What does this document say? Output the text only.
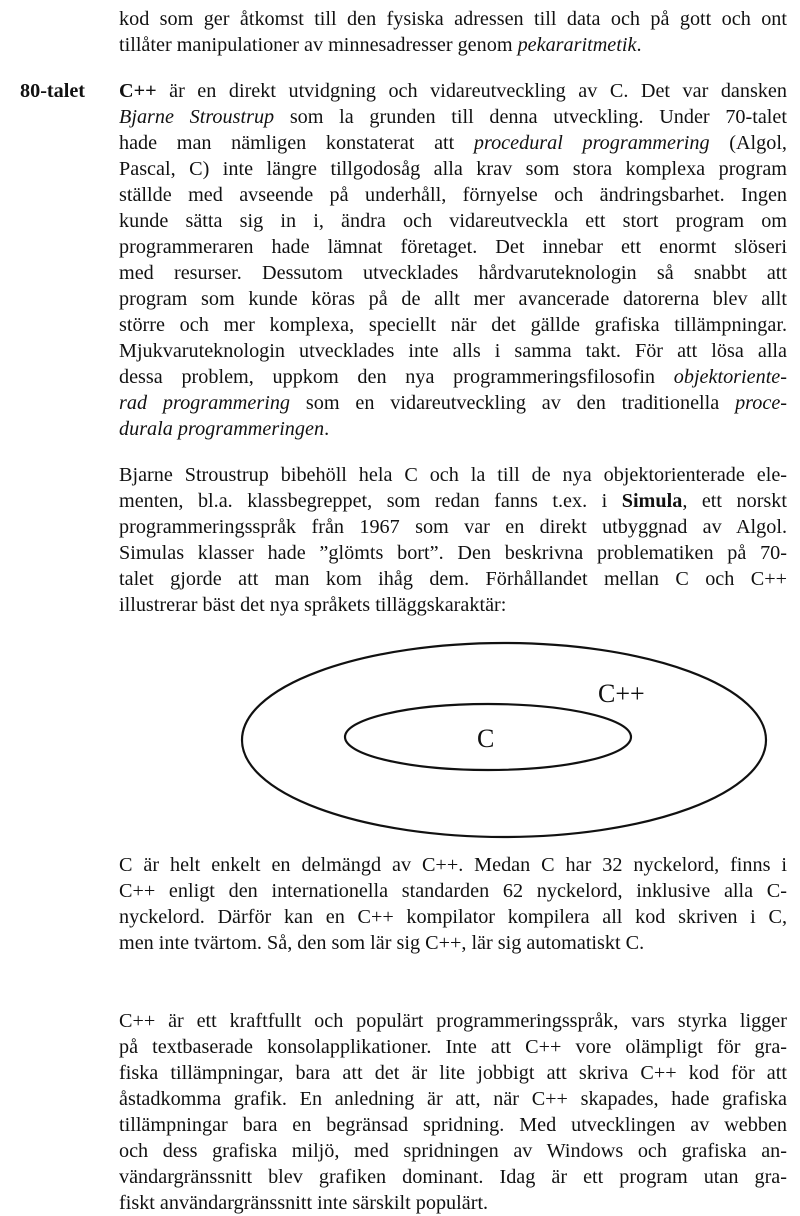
kod som ger åtkomst till den fysiska adressen till data och på gott och ont
tillåter manipulationer av minnesadresser genom pekararitmetik.
80-talet C++ är en direkt utvidgning och vidareutveckling av C. Det var dansken
Bjarne Stroustrup som la grunden till denna utveckling. Under 70-talet
hade man nämligen konstaterat att procedural programmering (Algol,
Pascal, C) inte längre tillgodosåg alla krav som stora komplexa program
ställde med avseende på underhåll, förnyelse och ändringsbarhet. Ingen
kunde sätta sig in i, ändra och vidareutveckla ett stort program om
programmeraren hade lämnat företaget. Det innebar ett enormt slöseri
med resurser. Dessutom utvecklades hårdvaruteknologin så snabbt att
program som kunde köras på de allt mer avancerade datorerna blev allt
större och mer komplexa, speciellt när det gällde grafiska tillämpningar.
Mjukvaruteknologin utvecklades inte alls i samma takt. För att lösa alla
dessa problem, uppkom den nya programmeringsfilosofin objektoriente-
rad programmering som en vidareutveckling av den traditionella proce-
durala programmeringen.
Bjarne Stroustrup bibehöll hela C och la till de nya objektorienterade ele-
menten, bl.a. klassbegreppet, som redan fanns t.ex. i Simula, ett norskt
programmeringsspråk från 1967 som var en direkt utbyggnad av Algol.
Simulas klasser hade ”glömts bort”. Den beskrivna problematiken på 70-
talet gjorde att man kom ihåg dem. Förhållandet mellan C och C++
illustrerar bäst det nya språkets tilläggskaraktär:
C++
C
C är helt enkelt en delmängd av C++. Medan C har 32 nyckelord, finns i
C++ enligt den internationella standarden 62 nyckelord, inklusive alla C-
nyckelord. Därför kan en C++ kompilator kompilera all kod skriven i C,
men inte tvärtom. Så, den som lär sig C++, lär sig automatiskt C.
C++ är ett kraftfullt och populärt programmeringsspråk, vars styrka ligger
på textbaserade konsolapplikationer. Inte att C++ vore olämpligt för gra-
fiska tillämpningar, bara att det är lite jobbigt att skriva C++ kod för att
åstadkomma grafik. En anledning är att, när C++ skapades, hade grafiska
tillämpningar bara en begränsad spridning. Med utvecklingen av webben
och dess grafiska miljö, med spridningen av Windows och grafiska an-
vändargränssnitt blev grafiken dominant. Idag är ett program utan gra-
fiskt användargränssnitt inte särskilt populärt.
